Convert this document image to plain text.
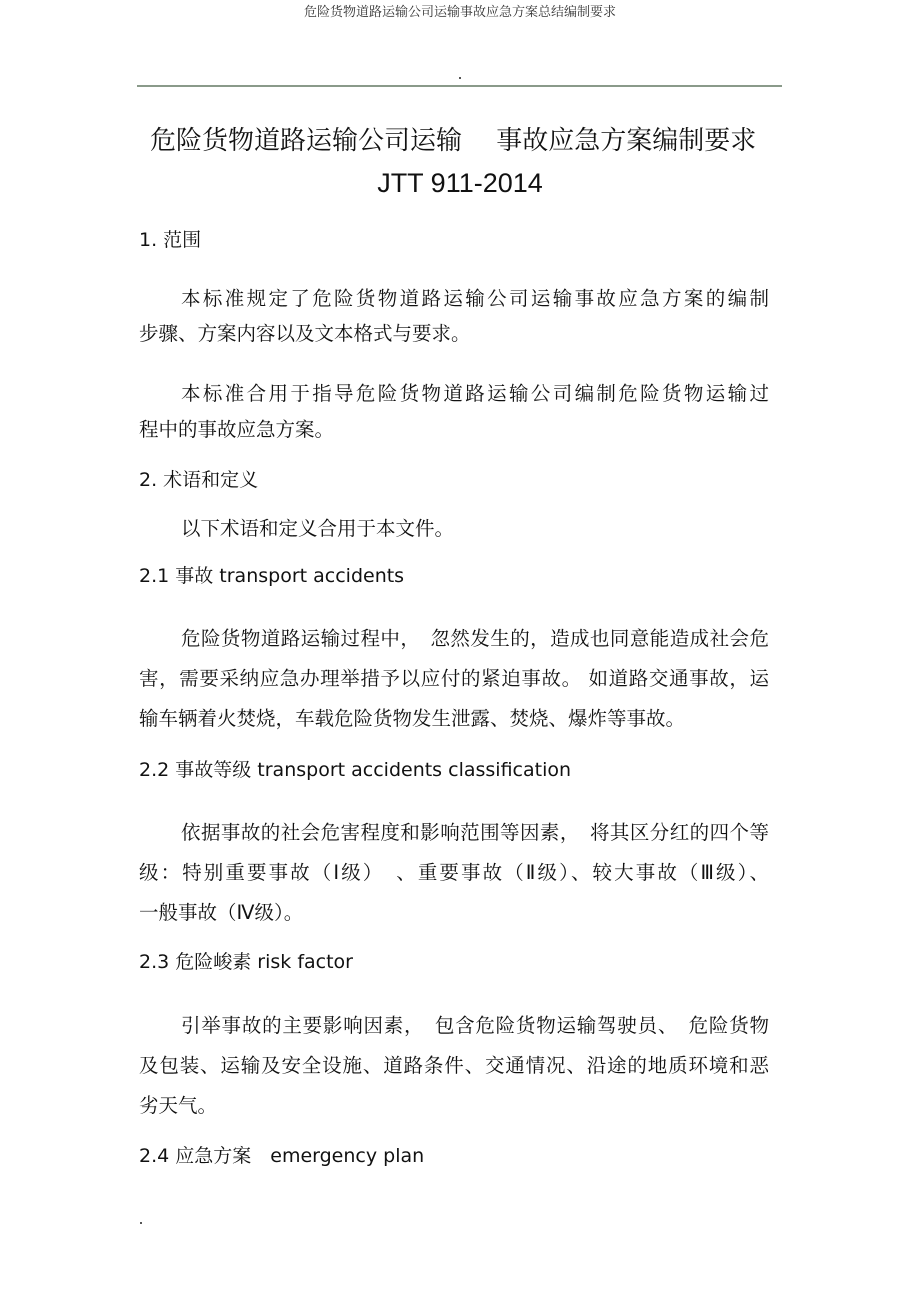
危险货物道路运输公司运输事故应急方案总结编制要求
危险货物道路运输公司运输　 事故应急方案编制要求
JTT 911-2014
1. 范围
本标准规定了危险货物道路运输公司运输事故应急方案的编制
步骤、方案内容以及文本格式与要求。
本标准合用于指导危险货物道路运输公司编制危险货物运输过
程中的事故应急方案。
2. 术语和定义
以下术语和定义合用于本文件。
2.1 事故 transport accidents
危险货物道路运输过程中，　忽然发生的，造成也同意能造成社会危
害，需要采纳应急办理举措予以应付的紧迫事故。 如道路交通事故，运
输车辆着火焚烧，车载危险货物发生泄露、焚烧、爆炸等事故。
2.2 事故等级 transport accidents classification
依据事故的社会危害程度和影响范围等因素，　将其区分红的四个等
级：特别重要事故（Ⅰ级）　、重要事故（Ⅱ级）、较大事故（Ⅲ级）、
一般事故（Ⅳ级）。
2.3 危险峻素 risk factor
引举事故的主要影响因素，　包含危险货物运输驾驶员、　危险货物
及包装、运输及安全设施、道路条件、交通情况、沿途的地质环境和恶
劣天气。
2.4 应急方案　emergency plan
